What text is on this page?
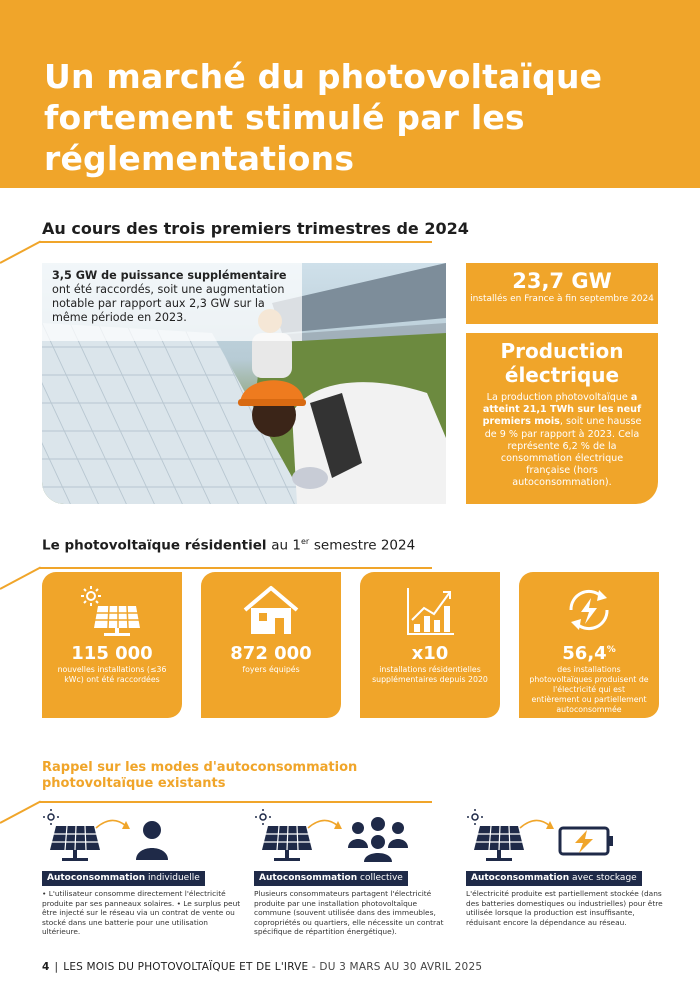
Un marché du photovoltaïque fortement stimulé par les réglementations
Au cours des trois premiers trimestres de 2024
3,5 GW de puissance supplémentaire
ont été raccordés, soit une augmentation notable par rapport aux 2,3 GW sur la même période en 2023.
23,7 GW
installés en France à fin septembre 2024
Production électrique
La production photovoltaïque a atteint 21,1 TWh sur les neuf premiers mois, soit une hausse de 9 % par rapport à 2023. Cela représente 6,2 % de la consommation électrique française (hors autoconsommation).
Le photovoltaïque résidentiel au 1er semestre 2024
115 000
nouvelles installations (≤36 kWc) ont été raccordées
872 000
foyers équipés
x10
installations résidentielles supplémentaires depuis 2020
56,4%
des installations photovoltaïques produisent de l'électricité qui est entièrement ou partiellement autoconsommée
Rappel sur les modes d'autoconsommation photovoltaïque existants
Autoconsommation individuelle
• L'utilisateur consomme directement l'électricité produite par ses panneaux solaires. • Le surplus peut être injecté sur le réseau via un contrat de vente ou stocké dans une batterie pour une utilisation ultérieure.
Autoconsommation collective
Plusieurs consommateurs partagent l'électricité produite par une installation photovoltaïque commune (souvent utilisée dans des immeubles, copropriétés ou quartiers, elle nécessite un contrat spécifique de répartition énergétique).
Autoconsommation avec stockage
L'électricité produite est partiellement stockée (dans des batteries domestiques ou industrielles) pour être utilisée lorsque la production est insuffisante, réduisant encore la dépendance au réseau.
4 | LES MOIS DU PHOTOVOLTAÏQUE ET DE L'IRVE - DU 3 MARS AU 30 AVRIL 2025
